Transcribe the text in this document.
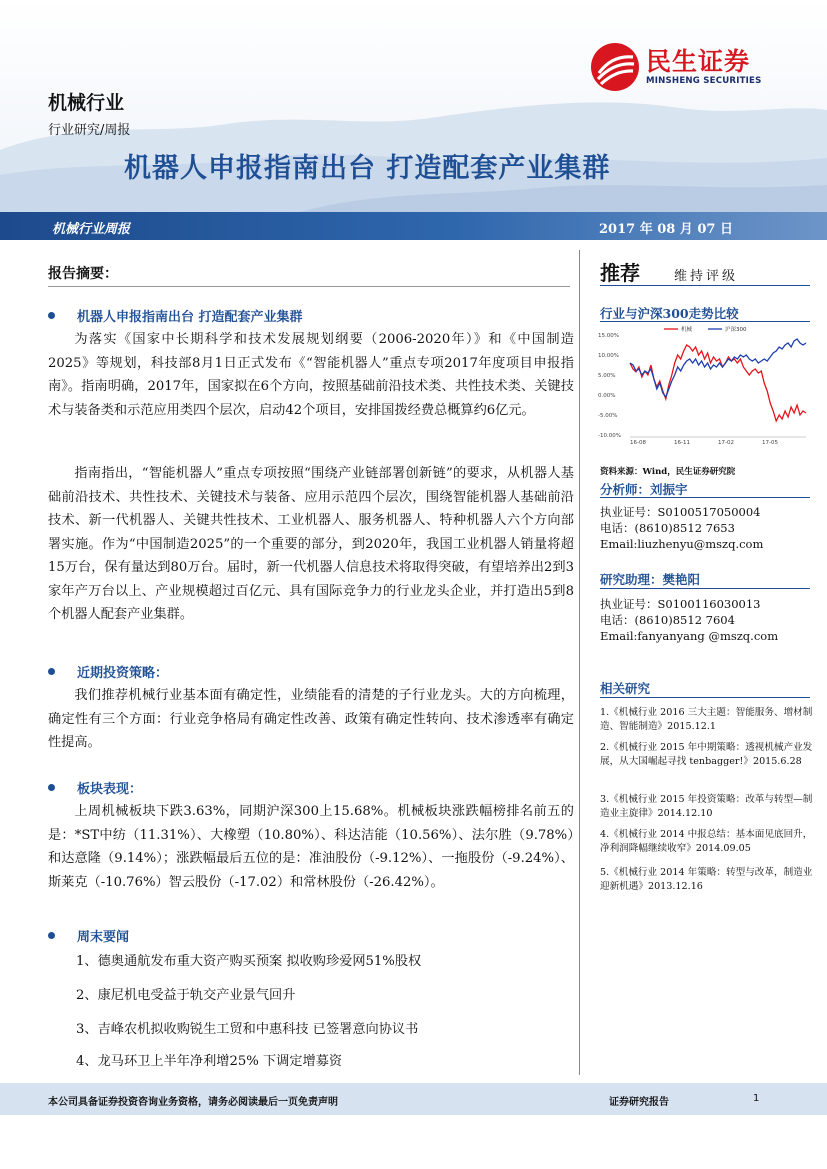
民生证券
MINSHENG SECURITIES
机械行业
行业研究/周报
机器人申报指南出台 打造配套产业集群
机械行业周报	2017 年 08 月 07 日
报告摘要：
机器人申报指南出台 打造配套产业集群
为落实《国家中长期科学和技术发展规划纲要（2006-2020年）》和《中国制造2025》等规划，科技部8月1日正式发布《“智能机器人”重点专项2017年度项目申报指南》。指南明确，2017年，国家拟在6个方向，按照基础前沿技术类、共性技术类、关键技术与装备类和示范应用类四个层次，启动42个项目，安排国拨经费总概算约6亿元。
指南指出，“智能机器人”重点专项按照“围绕产业链部署创新链”的要求，从机器人基础前沿技术、共性技术、关键技术与装备、应用示范四个层次，围绕智能机器人基础前沿技术、新一代机器人、关键共性技术、工业机器人、服务机器人、特种机器人六个方向部署实施。作为“中国制造2025”的一个重要的部分，到2020年，我国工业机器人销量将超15万台，保有量达到80万台。届时，新一代机器人信息技术将取得突破，有望培养出2到3家年产万台以上、产业规模超过百亿元、具有国际竞争力的行业龙头企业，并打造出5到8个机器人配套产业集群。
近期投资策略：
我们推荐机械行业基本面有确定性，业绩能看的清楚的子行业龙头。大的方向梳理，确定性有三个方面：行业竞争格局有确定性改善、政策有确定性转向、技术渗透率有确定性提高。
板块表现：
上周机械板块下跌3.63%，同期沪深300上15.68%。机械板块涨跌幅榜排名前五的是：*ST中纺（11.31%）、大橡塑（10.80%）、科达洁能（10.56%）、法尔胜（9.78%）和达意隆（9.14%）；涨跌幅最后五位的是：准油股份（-9.12%）、一拖股份（-9.24%）、斯莱克（-10.76%）智云股份（-17.02）和常林股份（-26.42%）。
周末要闻
1、德奥通航发布重大资产购买预案 拟收购珍爱网51%股权
2、康尼机电受益于轨交产业景气回升
3、吉峰农机拟收购锐生工贸和中惠科技 已签署意向协议书
4、龙马环卫上半年净利增25% 下调定增募资
推荐	维持评级
行业与沪深300走势比较
15.00%
10.00%
5.00%
0.00%
-5.00%
-10.00%
16-08	16-11	17-02	17-05
机械	沪深300
资料来源：Wind，民生证券研究院
分析师：刘振宇
执业证号：S0100517050004
电话：(8610)8512 7653
Email:liuzhenyu@mszq.com
研究助理：樊艳阳
执业证号：S0100116030013
电话：(8610)8512 7604
Email:fanyanyang @mszq.com
相关研究
1.《机械行业 2016 三大主题：智能服务、增材制造、智能制造》2015.12.1
2.《机械行业 2015 年中期策略：透视机械产业发展，从大国崛起寻找 tenbagger!》2015.6.28
3.《机械行业 2015 年投资策略：改革与转型—制造业主旋律》2014.12.10
4.《机械行业 2014 中报总结：基本面见底回升，净利润降幅继续收窄》2014.09.05
5.《机械行业 2014 年策略：转型与改革，制造业迎新机遇》2013.12.16
本公司具备证券投资咨询业务资格，请务必阅读最后一页免责声明	证券研究报告	1
